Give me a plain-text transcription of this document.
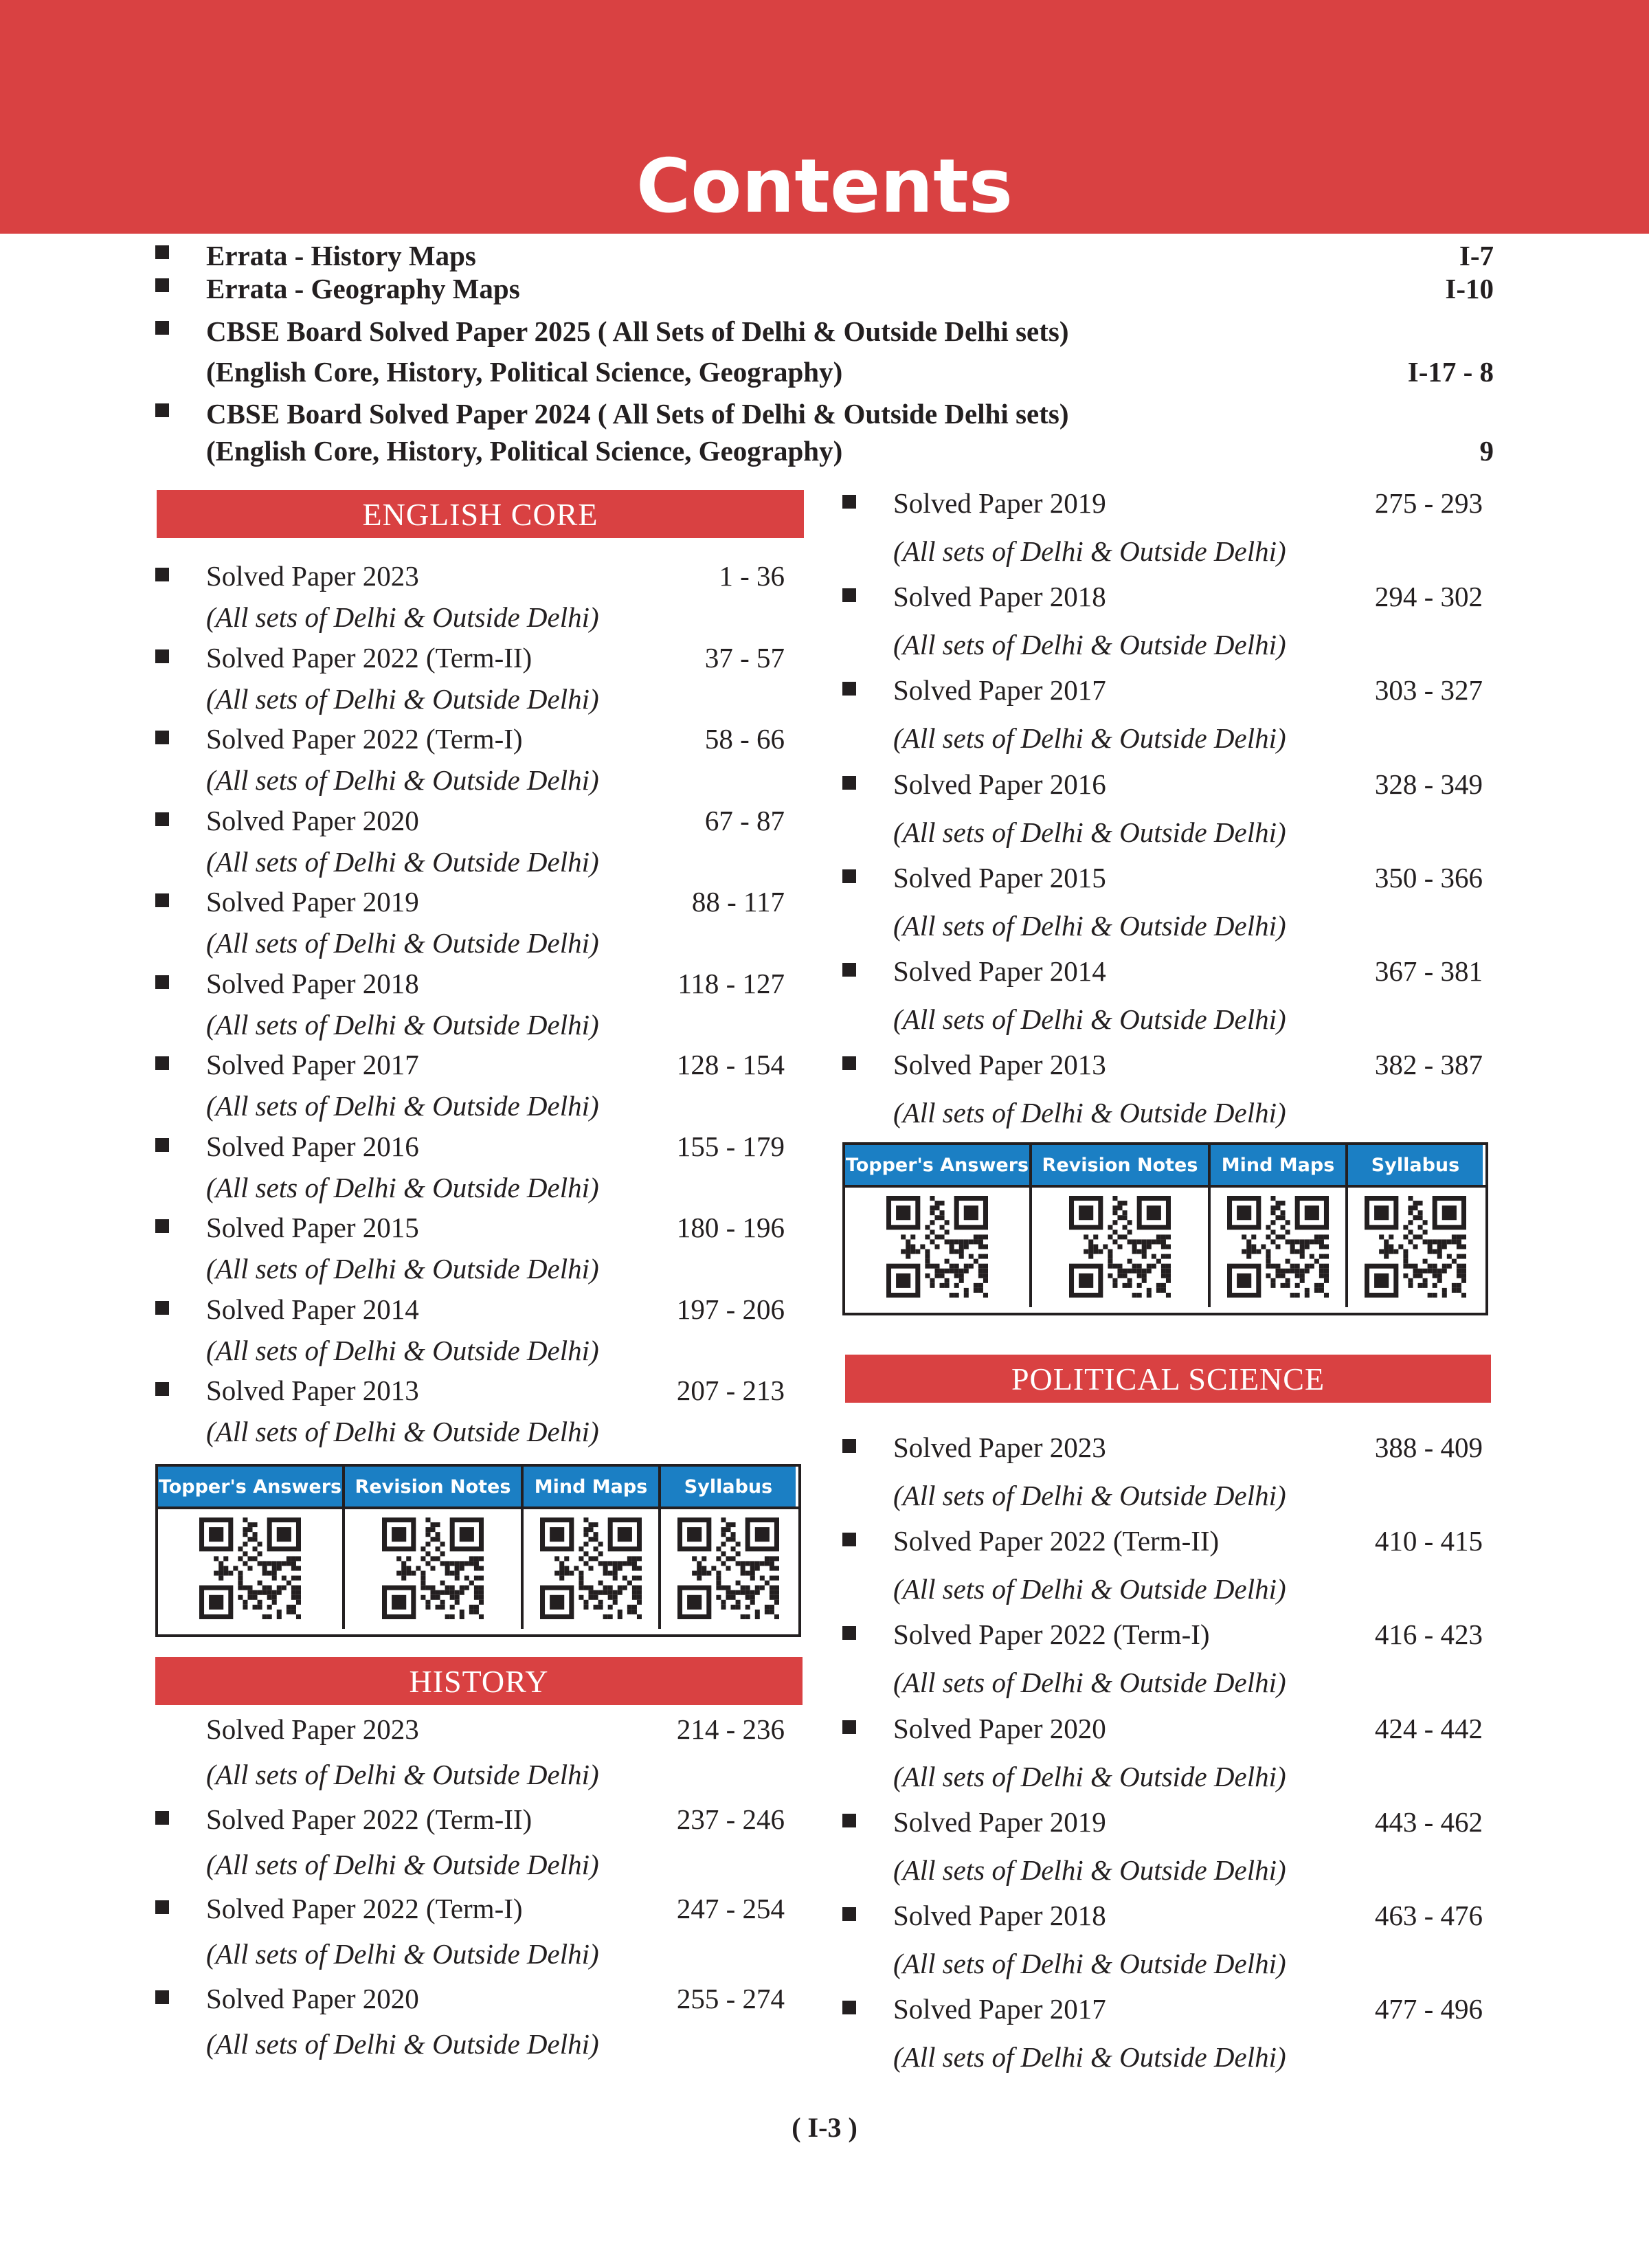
Contents
Errata - History Maps	I-7
Errata - Geography Maps	I-10
CBSE Board Solved Paper 2025 ( All Sets of Delhi & Outside Delhi sets)
(English Core, History, Political Science, Geography)	I-17 - 8
CBSE Board Solved Paper 2024 ( All Sets of Delhi & Outside Delhi sets)
(English Core, History, Political Science, Geography)	9
ENGLISH CORE
HISTORY
POLITICAL SCIENCE
Solved Paper 2023	1 - 36
(All sets of Delhi & Outside Delhi)
Solved Paper 2022 (Term-II)	37 - 57
(All sets of Delhi & Outside Delhi)
Solved Paper 2022 (Term-I)	58 - 66
(All sets of Delhi & Outside Delhi)
Solved Paper 2020	67 - 87
(All sets of Delhi & Outside Delhi)
Solved Paper 2019	88 - 117
(All sets of Delhi & Outside Delhi)
Solved Paper 2018	118 - 127
(All sets of Delhi & Outside Delhi)
Solved Paper 2017	128 - 154
(All sets of Delhi & Outside Delhi)
Solved Paper 2016	155 - 179
(All sets of Delhi & Outside Delhi)
Solved Paper 2015	180 - 196
(All sets of Delhi & Outside Delhi)
Solved Paper 2014	197 - 206
(All sets of Delhi & Outside Delhi)
Solved Paper 2013	207 - 213
(All sets of Delhi & Outside Delhi)
Solved Paper 2023	214 - 236
(All sets of Delhi & Outside Delhi)
Solved Paper 2022 (Term-II)	237 - 246
(All sets of Delhi & Outside Delhi)
Solved Paper 2022 (Term-I)	247 - 254
(All sets of Delhi & Outside Delhi)
Solved Paper 2020	255 - 274
(All sets of Delhi & Outside Delhi)
Solved Paper 2019	275 - 293
(All sets of Delhi & Outside Delhi)
Solved Paper 2018	294 - 302
(All sets of Delhi & Outside Delhi)
Solved Paper 2017	303 - 327
(All sets of Delhi & Outside Delhi)
Solved Paper 2016	328 - 349
(All sets of Delhi & Outside Delhi)
Solved Paper 2015	350 - 366
(All sets of Delhi & Outside Delhi)
Solved Paper 2014	367 - 381
(All sets of Delhi & Outside Delhi)
Solved Paper 2013	382 - 387
(All sets of Delhi & Outside Delhi)
Solved Paper 2023	388 - 409
(All sets of Delhi & Outside Delhi)
Solved Paper 2022 (Term-II)	410 - 415
(All sets of Delhi & Outside Delhi)
Solved Paper 2022 (Term-I)	416 - 423
(All sets of Delhi & Outside Delhi)
Solved Paper 2020	424 - 442
(All sets of Delhi & Outside Delhi)
Solved Paper 2019	443 - 462
(All sets of Delhi & Outside Delhi)
Solved Paper 2018	463 - 476
(All sets of Delhi & Outside Delhi)
Solved Paper 2017	477 - 496
(All sets of Delhi & Outside Delhi)
Topper's Answers Revision Notes	Mind Maps	Syllabus
Topper's Answers Revision Notes	Mind Maps	Syllabus
( I-3 )
